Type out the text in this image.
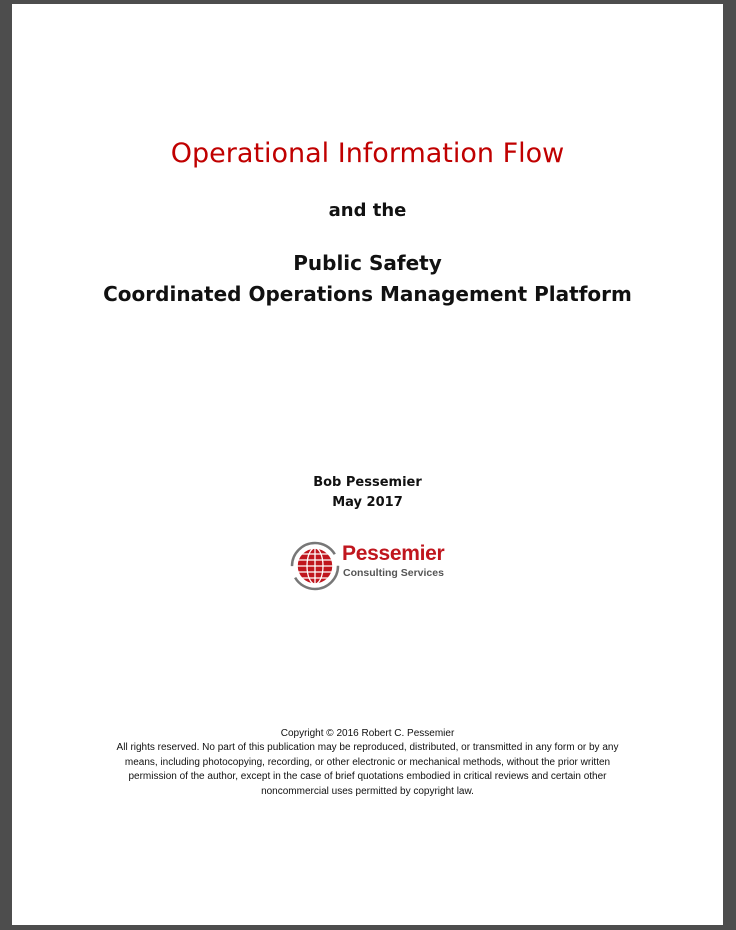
Operational Information Flow
and the
Public Safety
Coordinated Operations Management Platform
Bob Pessemier
May 2017
Pessemier
Consulting Services
Copyright © 2016 Robert C. Pessemier
All rights reserved. No part of this publication may be reproduced, distributed, or transmitted in any form or by any means, including photocopying, recording, or other electronic or mechanical methods, without the prior written permission of the author, except in the case of brief quotations embodied in critical reviews and certain other noncommercial uses permitted by copyright law.
